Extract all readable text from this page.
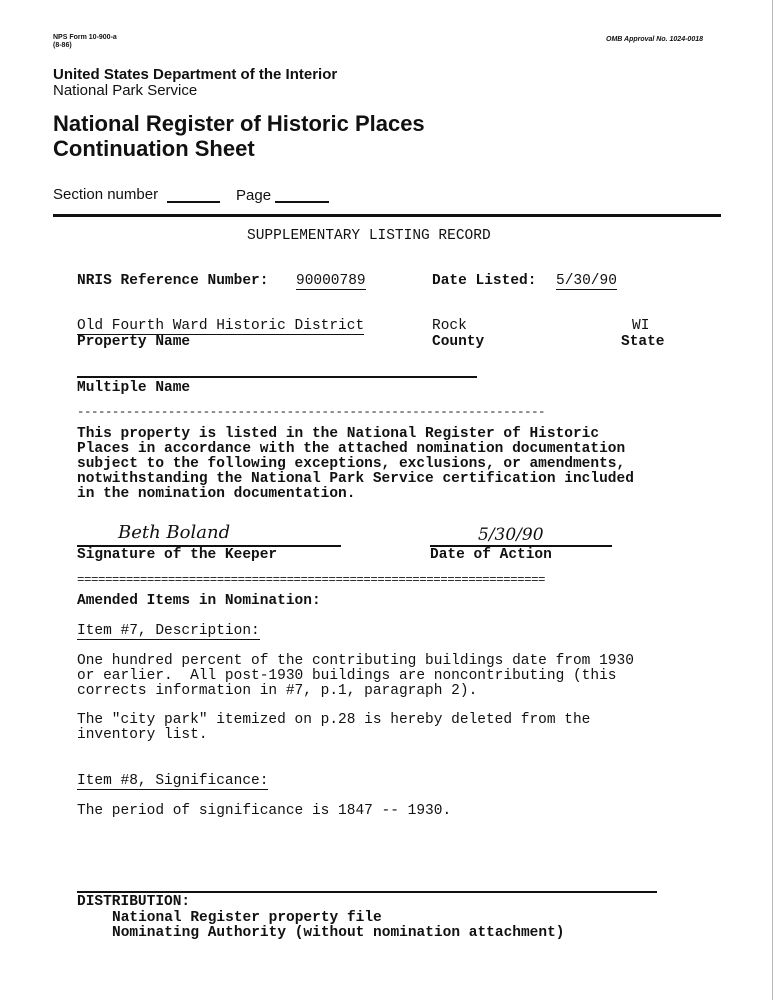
NPS Form 10-900-a
(8-86)
OMB Approval No. 1024-0018
United States Department of the Interior
National Park Service
National Register of Historic Places
Continuation Sheet
Section number	Page
SUPPLEMENTARY LISTING RECORD
NRIS Reference Number: 90000789	Date Listed: 5/30/90
Old Fourth Ward Historic District
Property Name
Rock
County
WI
State
Multiple Name
-------------------------------------------------------------------
This property is listed in the National Register of Historic
Places in accordance with the attached nomination documentation
subject to the following exceptions, exclusions, or amendments,
notwithstanding the National Park Service certification included
in the nomination documentation.
Beth Boland
Signature of the Keeper
5/30/90
Date of Action
===================================================================
Amended Items in Nomination:
Item #7, Description:
One hundred percent of the contributing buildings date from 1930
or earlier.  All post-1930 buildings are noncontributing (this
corrects information in #7, p.1, paragraph 2).
The "city park" itemized on p.28 is hereby deleted from the
inventory list.
Item #8, Significance:
The period of significance is 1847 -- 1930.
DISTRIBUTION:
National Register property file
Nominating Authority (without nomination attachment)
